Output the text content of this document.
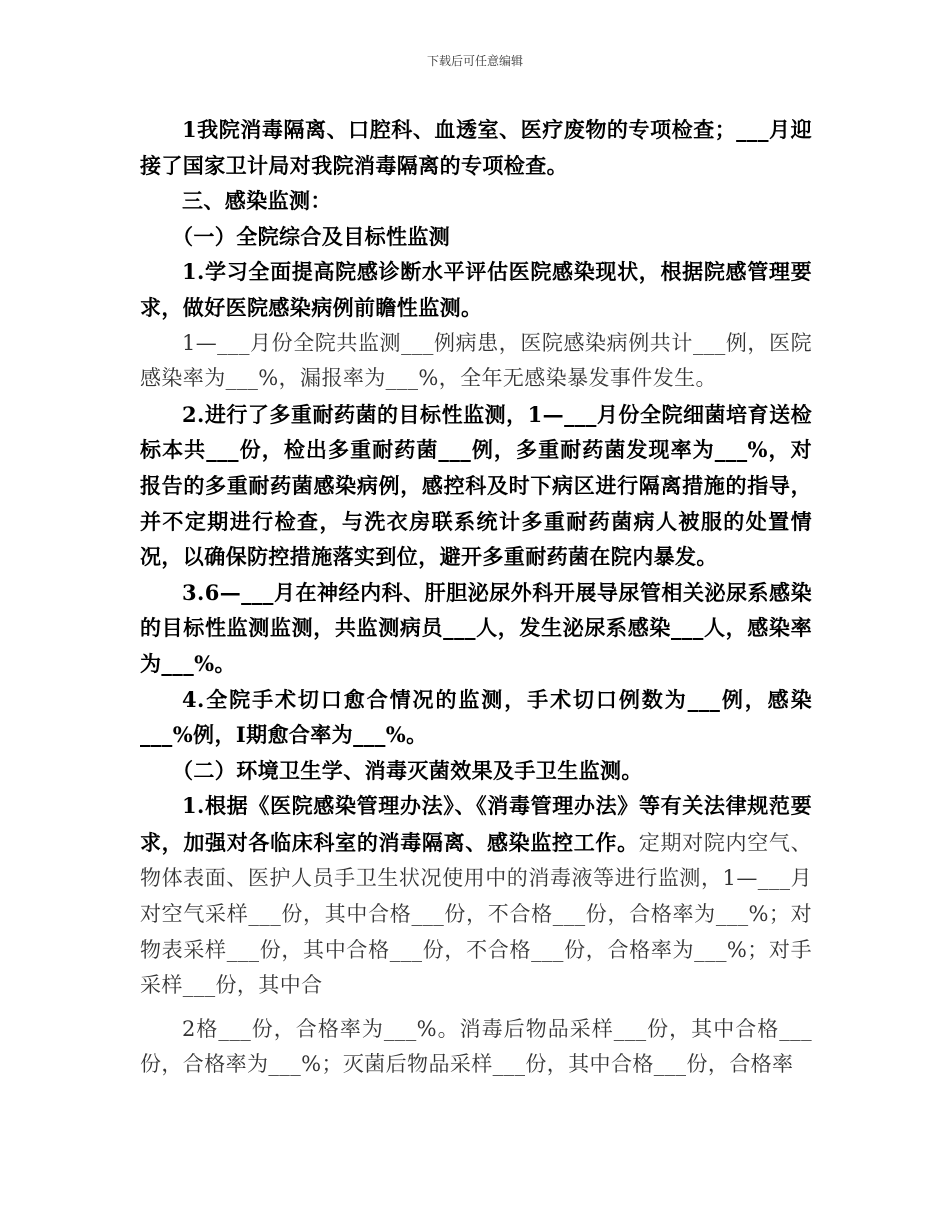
下载后可任意编辑

1我院消毒隔离、口腔科、血透室、医疗废物的专项检查；___月迎接了国家卫计局对我院消毒隔离的专项检查。

三、感染监测：

（一）全院综合及目标性监测

1.学习全面提高院感诊断水平评估医院感染现状，根据院感管理要求，做好医院感染病例前瞻性监测。

1—___月份全院共监测___例病患，医院感染病例共计___例，医院感染率为___%，漏报率为___%，全年无感染暴发事件发生。

2.进行了多重耐药菌的目标性监测，1—___月份全院细菌培育送检标本共___份，检出多重耐药菌___例，多重耐药菌发现率为___%，对报告的多重耐药菌感染病例，感控科及时下病区进行隔离措施的指导，并不定期进行检查，与洗衣房联系统计多重耐药菌病人被服的处置情况，以确保防控措施落实到位，避开多重耐药菌在院内暴发。

3.6—___月在神经内科、肝胆泌尿外科开展导尿管相关泌尿系感染的目标性监测监测，共监测病员___人，发生泌尿系感染___人，感染率为___%。

4.全院手术切口愈合情况的监测，手术切口例数为___例，感染___%例，Ⅰ期愈合率为___%。

（二）环境卫生学、消毒灭菌效果及手卫生监测。

1.根据《医院感染管理办法》、《消毒管理办法》等有关法律规范要求，加强对各临床科室的消毒隔离、感染监控工作。定期对院内空气、物体表面、医护人员手卫生状况使用中的消毒液等进行监测，1—___月对空气采样___份，其中合格___份，不合格___份，合格率为___%；对物表采样___份，其中合格___份，不合格___份，合格率为___%；对手采样___份，其中合

2格___份，合格率为___%。消毒后物品采样___份，其中合格___份，合格率为___%；灭菌后物品采样___份，其中合格___份，合格率
